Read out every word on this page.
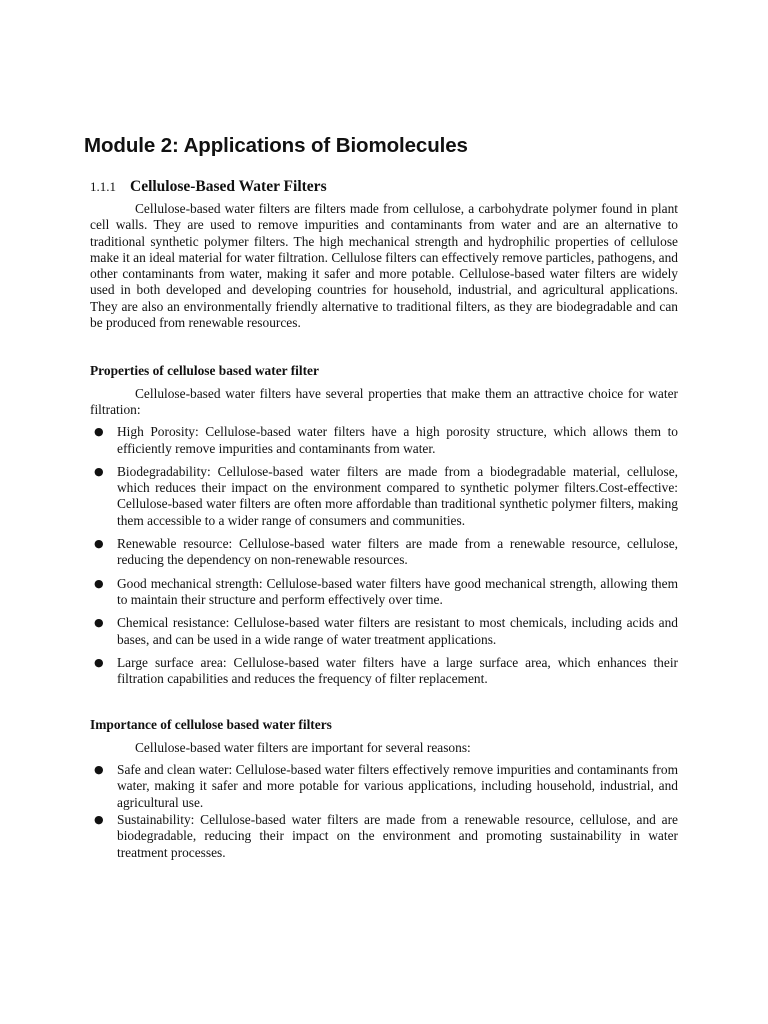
Module 2: Applications of Biomolecules
1.1.1 Cellulose-Based Water Filters

Cellulose-based water filters are filters made from cellulose, a carbohydrate polymer found in plant cell walls. They are used to remove impurities and contaminants from water and are an alternative to traditional synthetic polymer filters. The high mechanical strength and hydrophilic properties of cellulose make it an ideal material for water filtration. Cellulose filters can effectively remove particles, pathogens, and other contaminants from water, making it safer and more potable. Cellulose-based water filters are widely used in both developed and developing countries for household, industrial, and agricultural applications. They are also an environmentally friendly alternative to traditional filters, as they are biodegradable and can be produced from renewable resources.

Properties of cellulose based water filter

Cellulose-based water filters have several properties that make them an attractive choice for water filtration:

● High Porosity: Cellulose-based water filters have a high porosity structure, which allows them to efficiently remove impurities and contaminants from water.
● Biodegradability: Cellulose-based water filters are made from a biodegradable material, cellulose, which reduces their impact on the environment compared to synthetic polymer filters.Cost-effective: Cellulose-based water filters are often more affordable than traditional synthetic polymer filters, making them accessible to a wider range of consumers and communities.
● Renewable resource: Cellulose-based water filters are made from a renewable resource, cellulose, reducing the dependency on non-renewable resources.
● Good mechanical strength: Cellulose-based water filters have good mechanical strength, allowing them to maintain their structure and perform effectively over time.
● Chemical resistance: Cellulose-based water filters are resistant to most chemicals, including acids and bases, and can be used in a wide range of water treatment applications.
● Large surface area: Cellulose-based water filters have a large surface area, which enhances their filtration capabilities and reduces the frequency of filter replacement.
Importance of cellulose based water filters

Cellulose-based water filters are important for several reasons:

● Safe and clean water: Cellulose-based water filters effectively remove impurities and contaminants from water, making it safer and more potable for various applications, including household, industrial, and agricultural use.
● Sustainability: Cellulose-based water filters are made from a renewable resource, cellulose, and are biodegradable, reducing their impact on the environment and promoting sustainability in water treatment processes.
